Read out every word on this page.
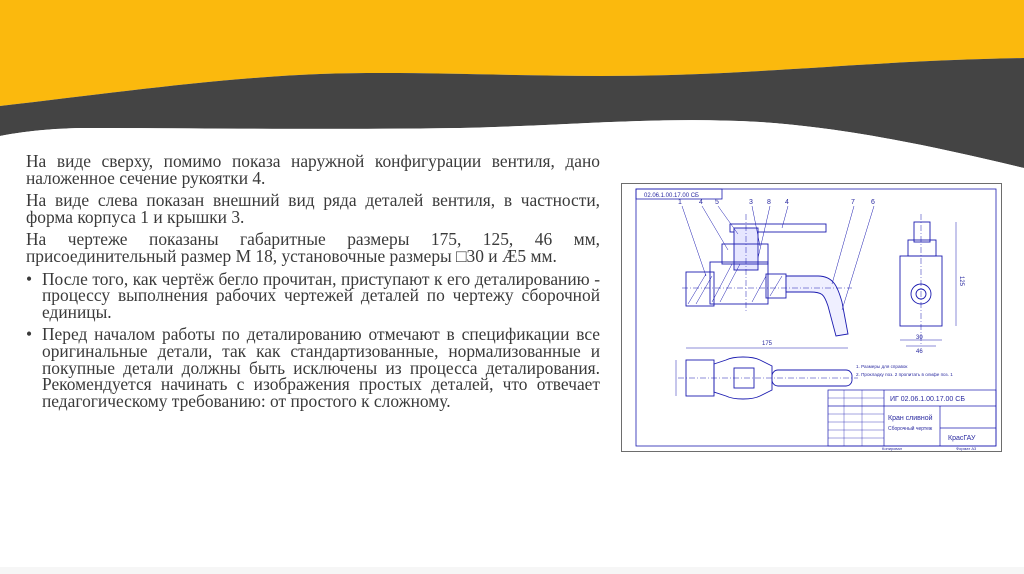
На виде сверху, помимо показа наружной конфигурации вентиля, дано наложенное сечение рукоятки 4.

На виде слева показан внешний вид ряда деталей вентиля, в частности, форма корпуса 1 и крышки 3.

На чертеже показаны габаритные размеры 175, 125, 46 мм, присоединительный размер М 18, установочные размеры □30 и Æ5 мм.

• После того, как чертёж бегло прочитан, приступают к его деталированию - процессу выполнения рабочих чертежей деталей по чертежу сборочной единицы.

• Перед началом работы по деталированию отмечают в спецификации все оригинальные детали, так как стандартизованные, нормализованные и покупные детали должны быть исключены из процесса деталирования. Рекомендуется начинать с изображения простых деталей, что отвечает педагогическому требованию: от простого к сложному.

02.06.1.00.17.00 СБ
1 4 5	3 8 4	7 6
46
30
125
175
1. Размеры для справок
2. Прокладку поз. 2 пропитать в олифе поз. 1
ИГ 02.06.1.00.17.00 СБ
Кран сливной
Сборочный чертеж
КрасГАУ
Копировал	Формат А3
